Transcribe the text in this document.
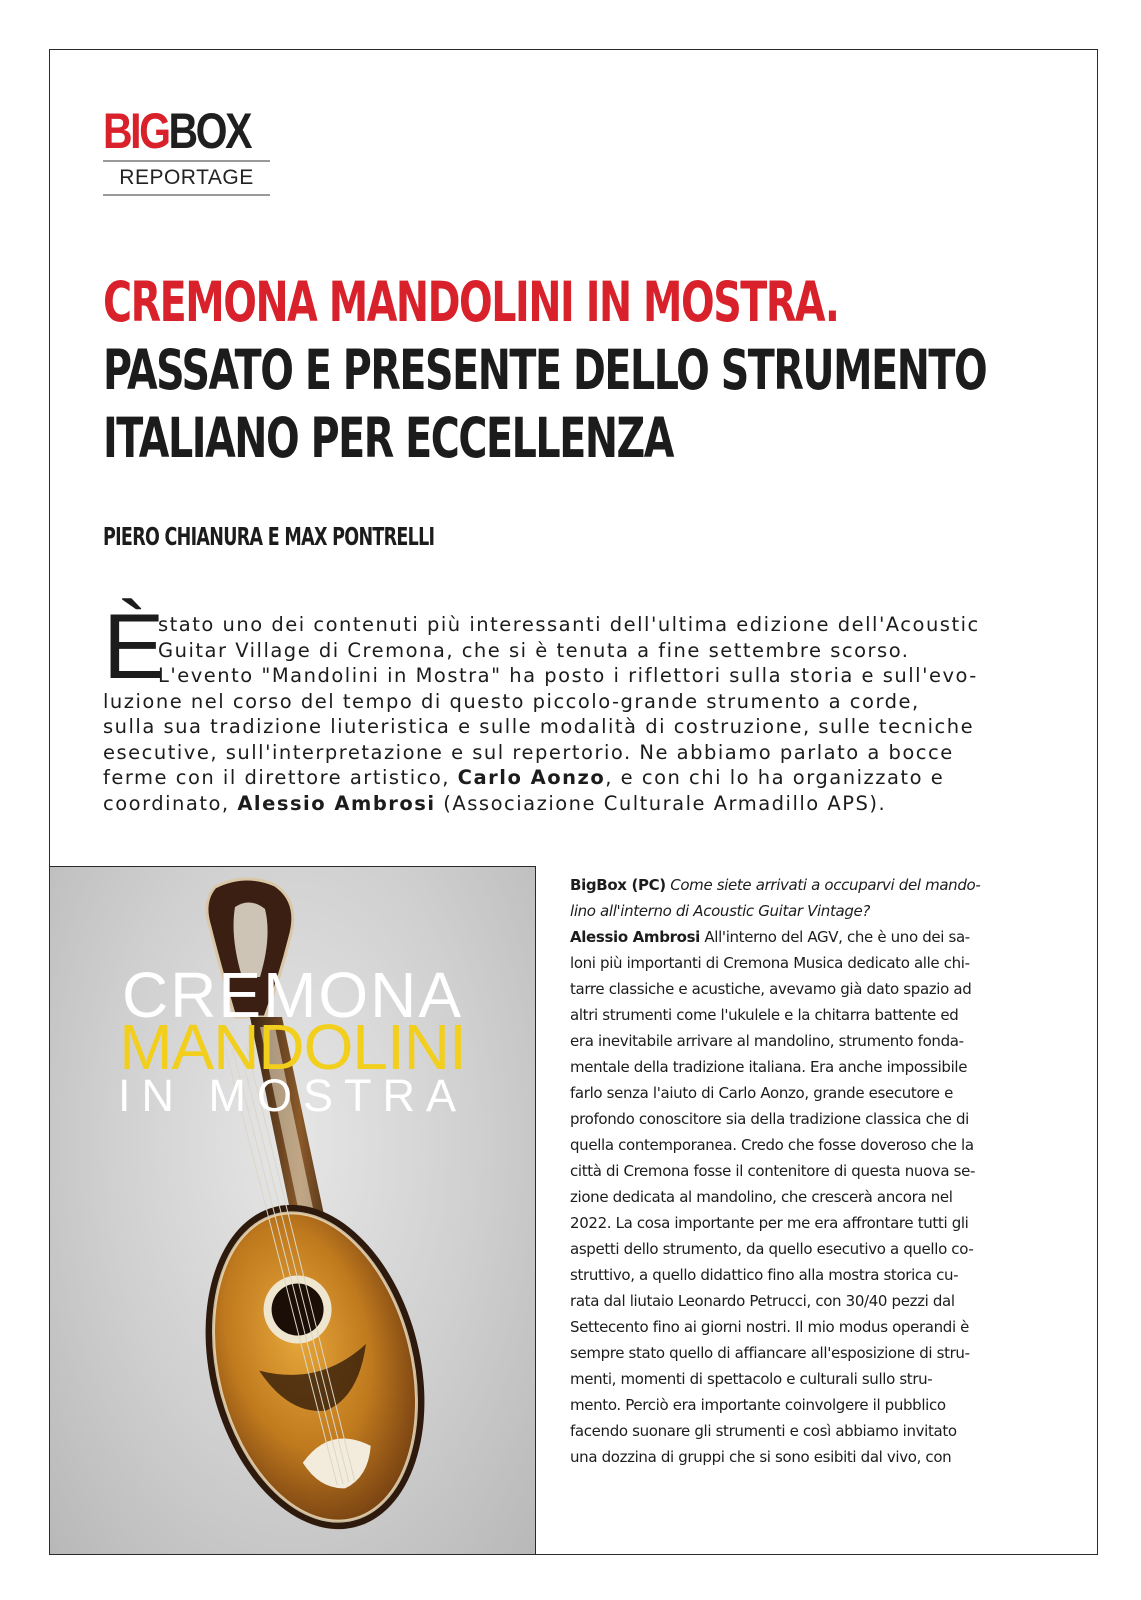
BIGBOX
REPORTAGE
CREMONA MANDOLINI IN MOSTRA.
PASSATO E PRESENTE DELLO STRUMENTO
ITALIANO PER ECCELLENZA
PIERO CHIANURA E MAX PONTRELLI
È
stato uno dei contenuti più interessanti dell'ultima edizione dell'Acoustic
Guitar Village di Cremona, che si è tenuta a fine settembre scorso.
L'evento "Mandolini in Mostra" ha posto i riflettori sulla storia e sull'evo-
luzione nel corso del tempo di questo piccolo-grande strumento a corde,
sulla sua tradizione liuteristica e sulle modalità di costruzione, sulle tecniche
esecutive, sull'interpretazione e sul repertorio. Ne abbiamo parlato a bocce
ferme con il direttore artistico, Carlo Aonzo, e con chi lo ha organizzato e
coordinato, Alessio Ambrosi (Associazione Culturale Armadillo APS).
CREMONA
MANDOLINI
IN MOSTRA
BigBox (PC) Come siete arrivati a occuparvi del mando-
lino all'interno di Acoustic Guitar Vintage?
Alessio Ambrosi All'interno del AGV, che è uno dei sa-
loni più importanti di Cremona Musica dedicato alle chi-
tarre classiche e acustiche, avevamo già dato spazio ad
altri strumenti come l'ukulele e la chitarra battente ed
era inevitabile arrivare al mandolino, strumento fonda-
mentale della tradizione italiana. Era anche impossibile
farlo senza l'aiuto di Carlo Aonzo, grande esecutore e
profondo conoscitore sia della tradizione classica che di
quella contemporanea. Credo che fosse doveroso che la
città di Cremona fosse il contenitore di questa nuova se-
zione dedicata al mandolino, che crescerà ancora nel
2022. La cosa importante per me era affrontare tutti gli
aspetti dello strumento, da quello esecutivo a quello co-
struttivo, a quello didattico fino alla mostra storica cu-
rata dal liutaio Leonardo Petrucci, con 30/40 pezzi dal
Settecento fino ai giorni nostri. Il mio modus operandi è
sempre stato quello di affiancare all'esposizione di stru-
menti, momenti di spettacolo e culturali sullo stru-
mento. Perciò era importante coinvolgere il pubblico
facendo suonare gli strumenti e così abbiamo invitato
una dozzina di gruppi che si sono esibiti dal vivo, con
